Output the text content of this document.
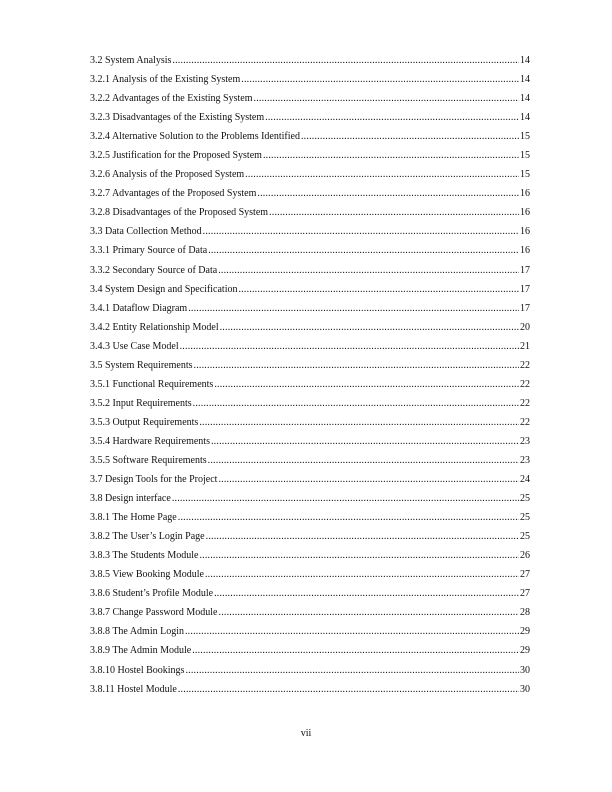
3.2 System Analysis .....	14
3.2.1 Analysis of the Existing System .....	14
3.2.2 Advantages of the Existing System .....	14
3.2.3 Disadvantages of the Existing System .....	14
3.2.4 Alternative Solution to the Problems Identified .....	15
3.2.5 Justification for the Proposed System .....	15
3.2.6 Analysis of the Proposed System .....	15
3.2.7 Advantages of the Proposed System .....	16
3.2.8 Disadvantages of the Proposed System .....	16
3.3 Data Collection Method .....	16
3.3.1 Primary Source of Data .....	16
3.3.2 Secondary Source of Data .....	17
3.4 System Design and Specification .....	17
3.4.1 Dataflow Diagram .....	17
3.4.2 Entity Relationship Model .....	20
3.4.3 Use Case Model .....	21
3.5 System Requirements .....	22
3.5.1 Functional Requirements .....	22
3.5.2 Input Requirements .....	22
3.5.3 Output Requirements .....	22
3.5.4 Hardware Requirements .....	23
3.5.5 Software Requirements .....	23
3.7 Design Tools for the Project .....	24
3.8 Design interface .....	25
3.8.1 The Home Page .....	25
3.8.2 The User’s Login Page .....	25
3.8.3 The Students Module .....	26
3.8.5 View Booking Module .....	27
3.8.6 Student’s Profile Module .....	27
3.8.7 Change Password Module .....	28
3.8.8 The Admin Login .....	29
3.8.9 The Admin Module .....	29
3.8.10 Hostel Bookings .....	30
3.8.11 Hostel Module .....	30
vii
